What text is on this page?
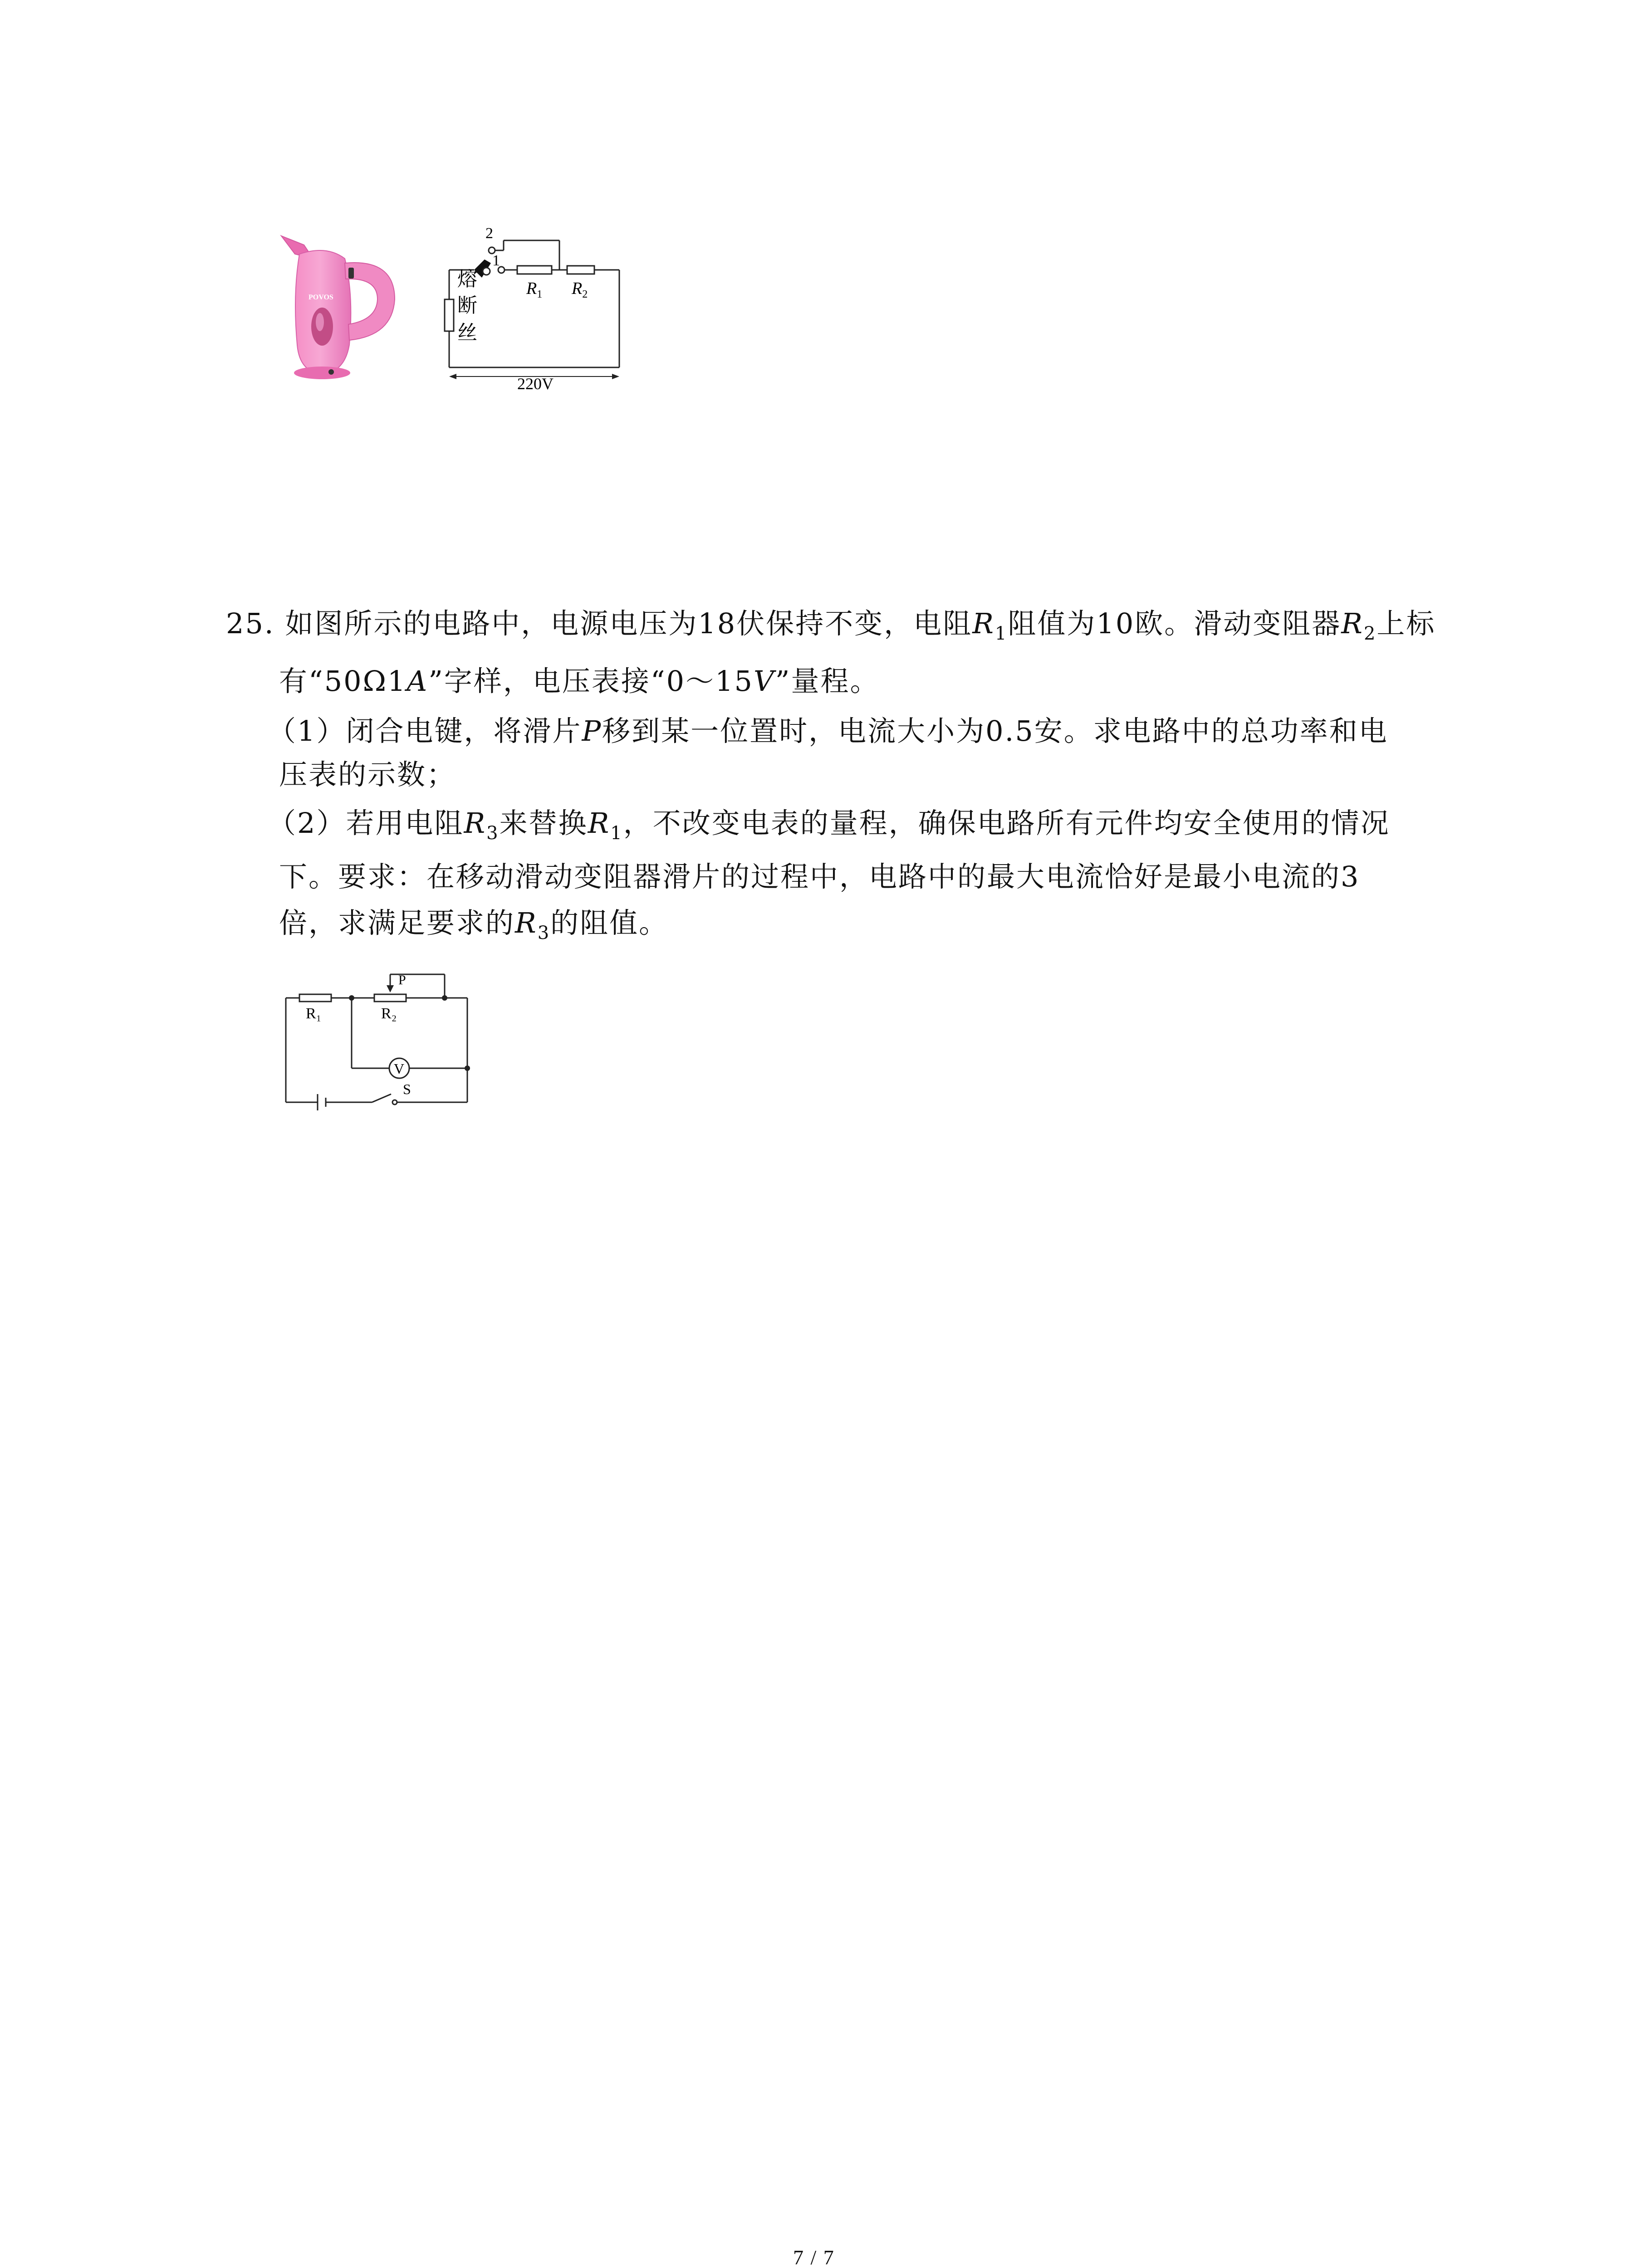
POVOS
2
1
熔
断
丝
$R_1$ $R_2$
220V
25. 如图所示的电路中，电源电压为18伏保持不变，电阻$R_1$阻值为10欧。滑动变阻器$R_2$上标
有“50Ω1A”字样，电压表接“0～15V”量程。
（1）闭合电键，将滑片P移到某一位置时，电流大小为0.5安。求电路中的总功率和电
压表的示数；
（2）若用电阻$R_3$来替换$R_1$，不改变电表的量程，确保电路所有元件均安全使用的情况
下。要求：在移动滑动变阻器滑片的过程中，电路中的最大电流恰好是最小电流的3
倍，求满足要求的$R_3$的阻值。
V
P
R₁	R₂
S
7 / 7
